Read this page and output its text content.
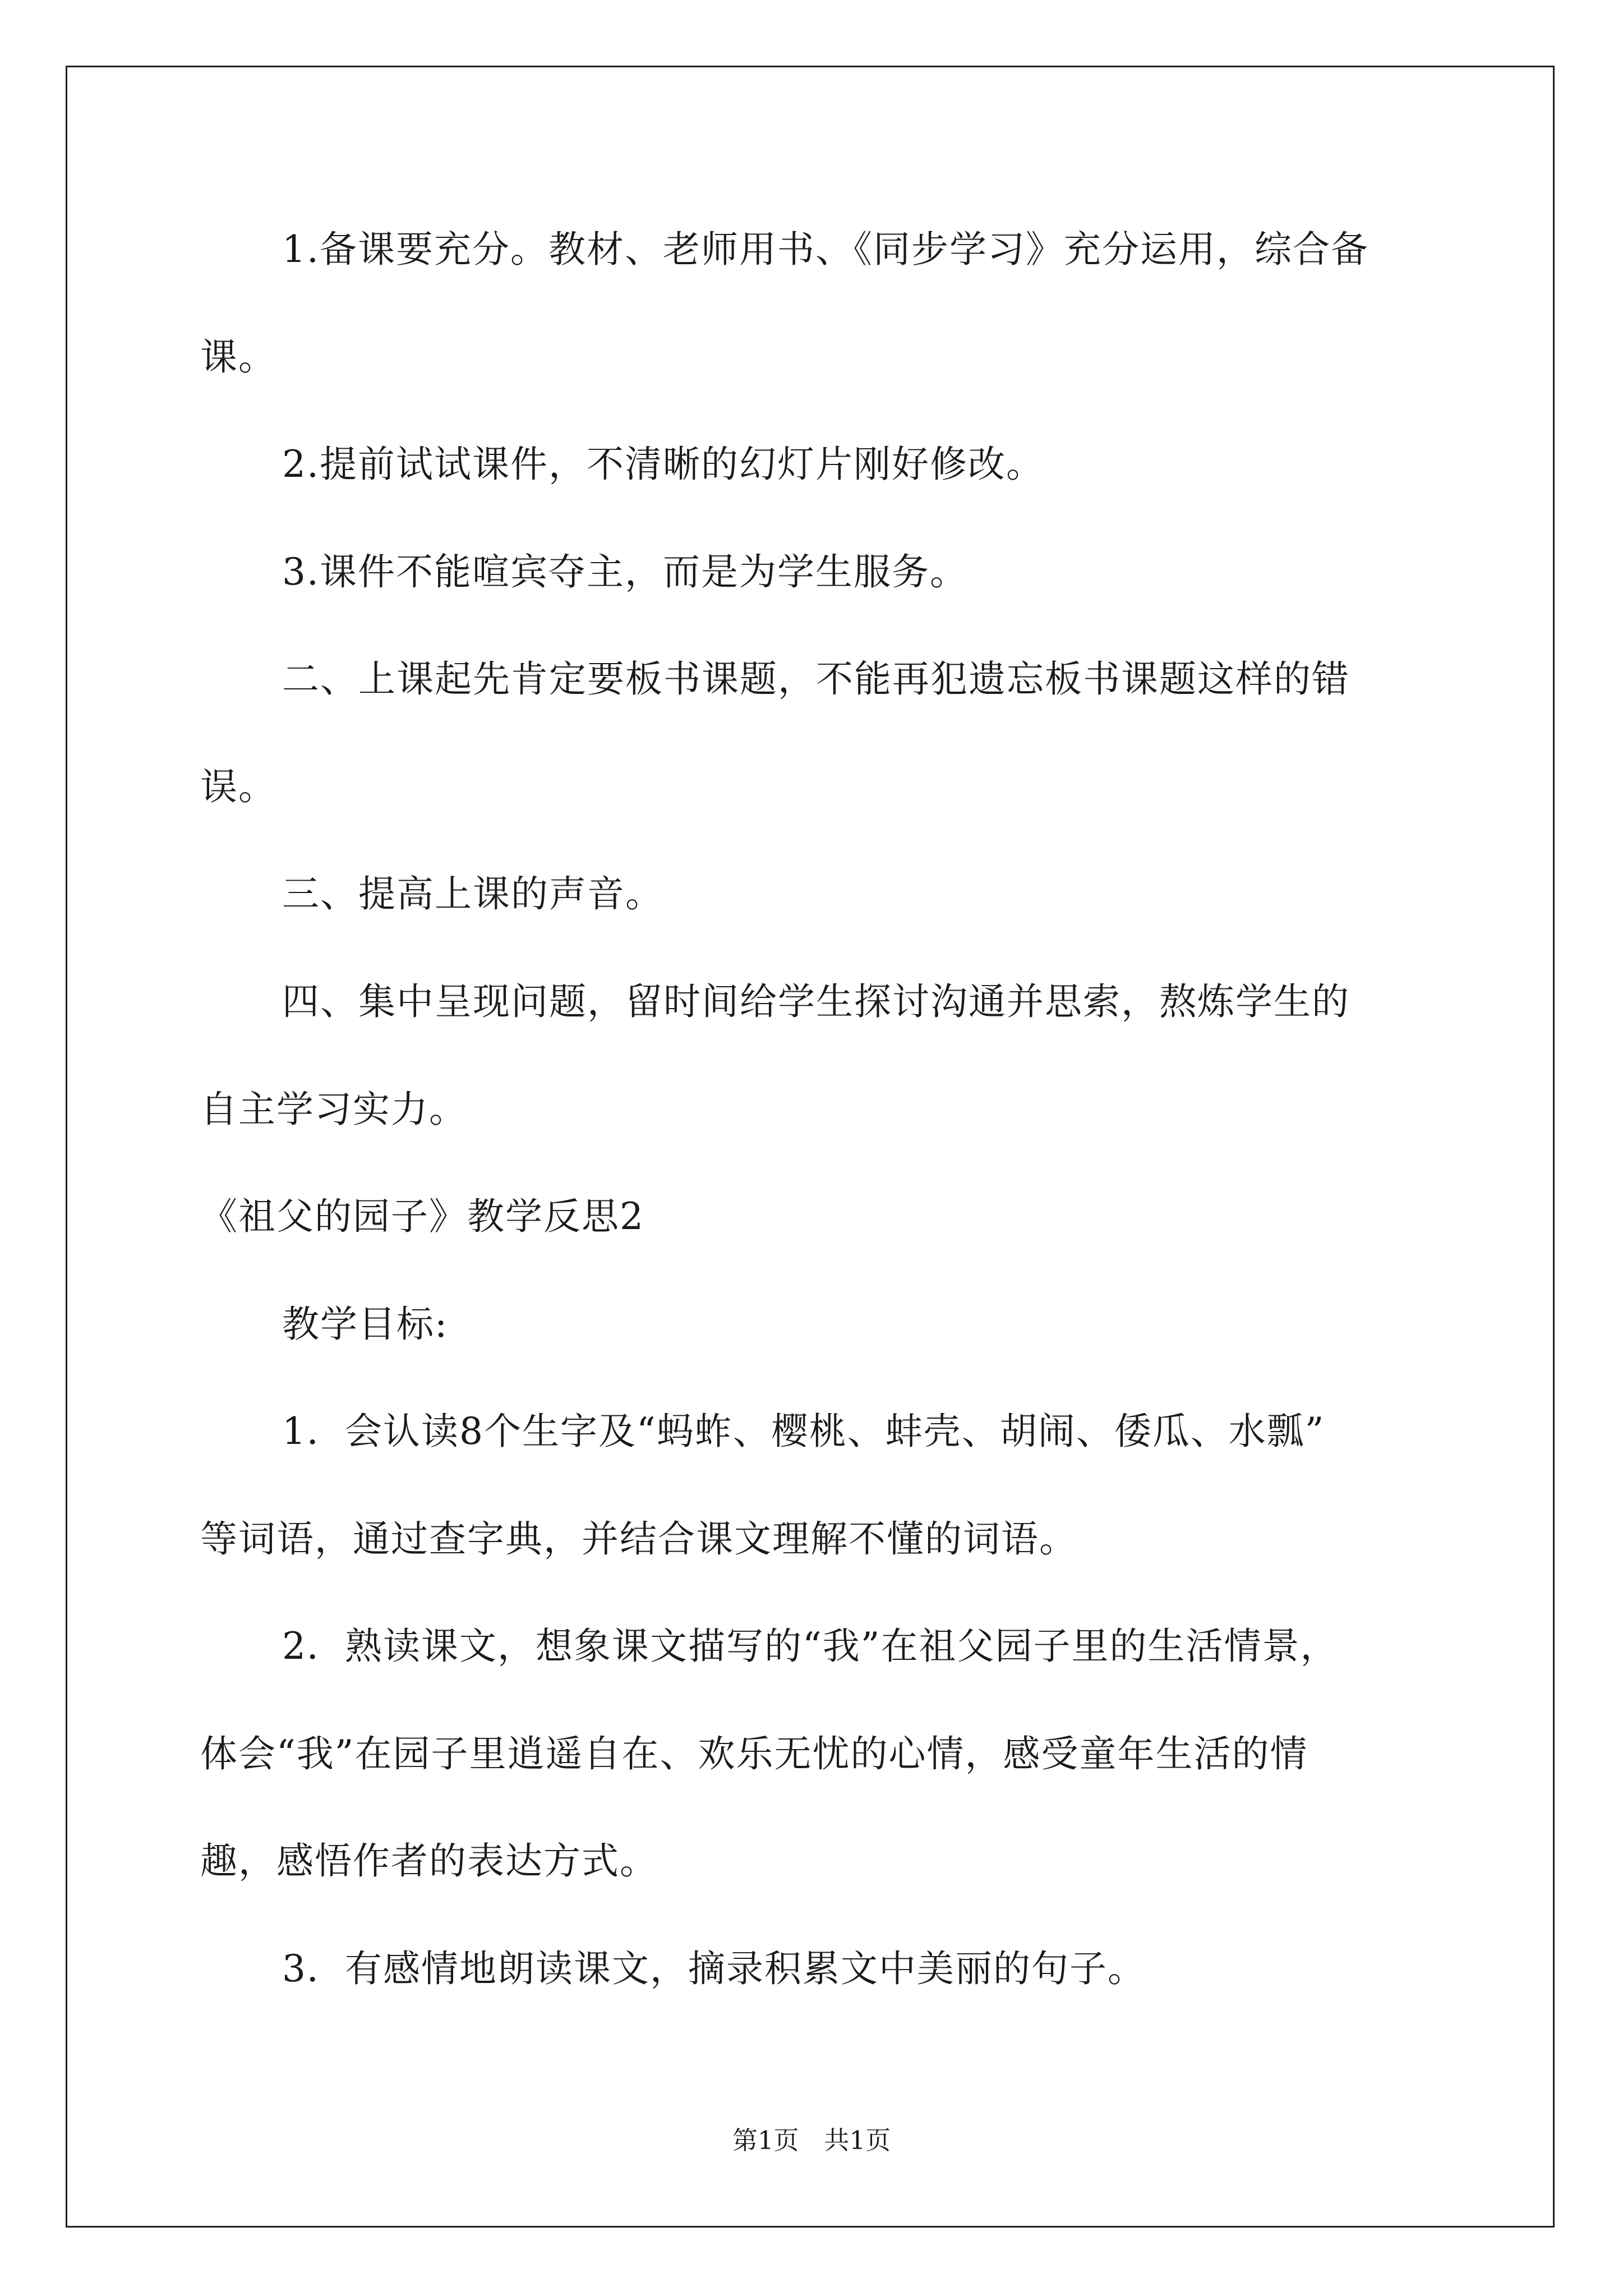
1.备课要充分。教材、老师用书、《同步学习》充分运用，综合备
课。
2.提前试试课件，不清晰的幻灯片刚好修改。
3.课件不能喧宾夺主，而是为学生服务。
二、上课起先肯定要板书课题，不能再犯遗忘板书课题这样的错
误。
三、提高上课的声音。
四、集中呈现问题，留时间给学生探讨沟通并思索，熬炼学生的
自主学习实力。
《祖父的园子》教学反思2
教学目标:
1．会认读8个生字及“蚂蚱、樱桃、蚌壳、胡闹、倭瓜、水瓢”
等词语，通过查字典，并结合课文理解不懂的词语。
2．熟读课文，想象课文描写的“我”在祖父园子里的生活情景，
体会“我”在园子里逍遥自在、欢乐无忧的心情，感受童年生活的情
趣，感悟作者的表达方式。
3．有感情地朗读课文，摘录积累文中美丽的句子。
第1页　共1页
